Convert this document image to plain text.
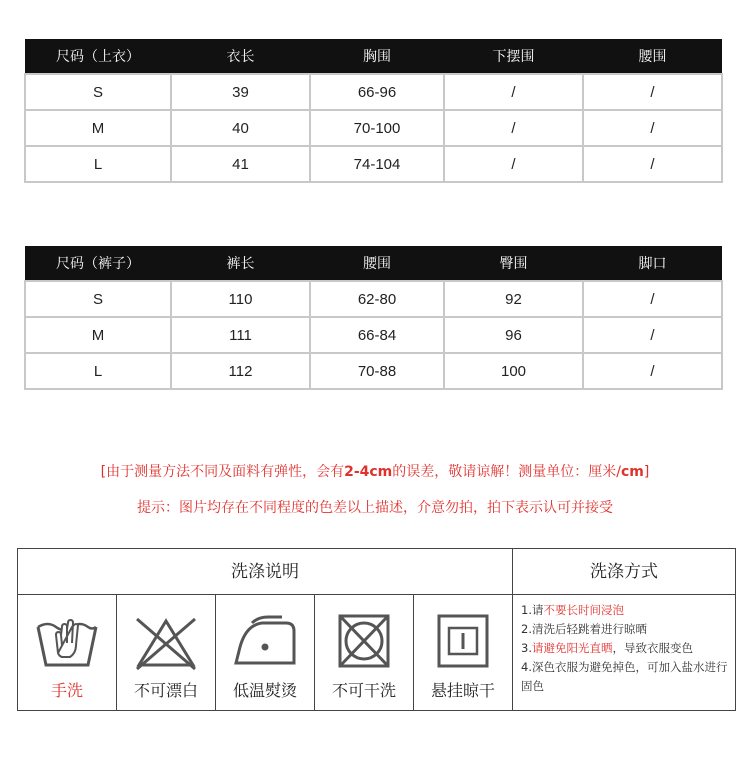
尺码（上衣）	衣长	胸围	下摆围	腰围
S	39	66-96	/	/
M	40	70-100	/	/
L	41	74-104	/	/
尺码（裤子）	裤长	腰围	臀围	脚口
S	110	62-80	92	/
M	111	66-84	96	/
L	112	70-88	100	/
[由于测量方法不同及面料有弹性，会有2-4cm的误差，敬请谅解！测量单位：厘米/cm]
提示：图片均存在不同程度的色差以上描述，介意勿拍，拍下表示认可并接受
洗涤说明	洗涤方式
手洗	不可漂白	低温熨烫	不可干洗	悬挂晾干
1.请不要长时间浸泡
2.清洗后轻跳着进行晾晒
3.请避免阳光直晒，导致衣服变色
4.深色衣服为避免掉色，可加入盐水进行固色
